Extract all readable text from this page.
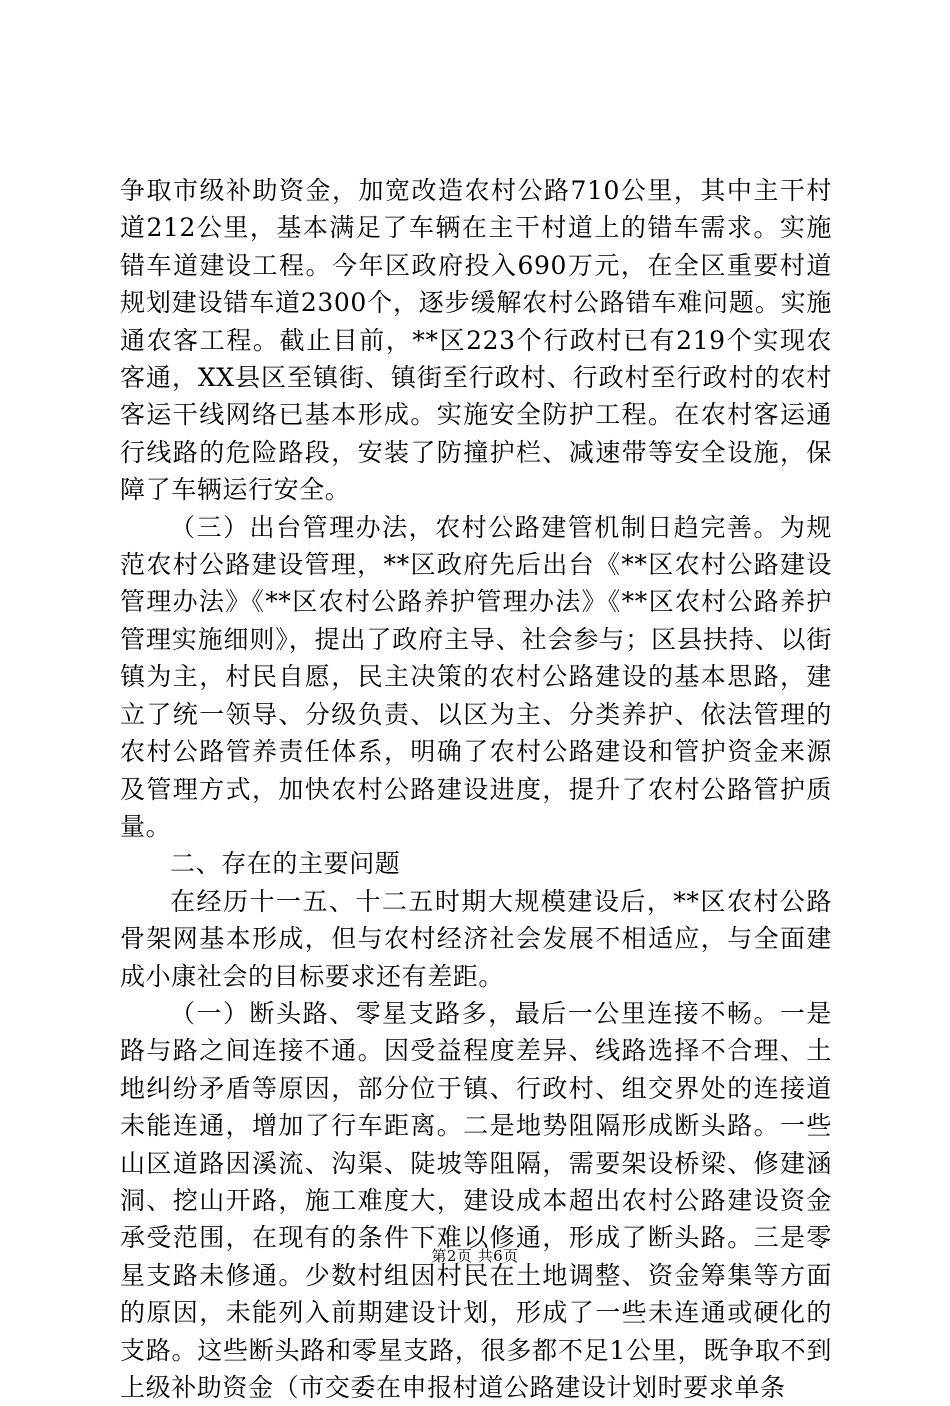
争取市级补助资金，加宽改造农村公路710公里，其中主干村道212公里，基本满足了车辆在主干村道上的错车需求。实施错车道建设工程。今年区政府投入690万元，在全区重要村道规划建设错车道2300个，逐步缓解农村公路错车难问题。实施通农客工程。截止目前，**区223个行政村已有219个实现农客通，XX县区至镇街、镇街至行政村、行政村至行政村的农村客运干线网络已基本形成。实施安全防护工程。在农村客运通行线路的危险路段，安装了防撞护栏、减速带等安全设施，保障了车辆运行安全。

（三）出台管理办法，农村公路建管机制日趋完善。为规范农村公路建设管理，**区政府先后出台《**区农村公路建设管理办法》《**区农村公路养护管理办法》《**区农村公路养护管理实施细则》，提出了政府主导、社会参与；区县扶持、以街镇为主，村民自愿，民主决策的农村公路建设的基本思路，建立了统一领导、分级负责、以区为主、分类养护、依法管理的农村公路管养责任体系，明确了农村公路建设和管护资金来源及管理方式，加快农村公路建设进度，提升了农村公路管护质量。

二、存在的主要问题

在经历十一五、十二五时期大规模建设后，**区农村公路骨架网基本形成，但与农村经济社会发展不相适应，与全面建成小康社会的目标要求还有差距。

（一）断头路、零星支路多，最后一公里连接不畅。一是路与路之间连接不通。因受益程度差异、线路选择不合理、土地纠纷矛盾等原因，部分位于镇、行政村、组交界处的连接道未能连通，增加了行车距离。二是地势阻隔形成断头路。一些山区道路因溪流、沟渠、陡坡等阻隔，需要架设桥梁、修建涵洞、挖山开路，施工难度大，建设成本超出农村公路建设资金承受范围，在现有的条件下难以修通，形成了断头路。三是零星支路未修通。少数村组因村民在土地调整、资金筹集等方面的原因，未能列入前期建设计划，形成了一些未连通或硬化的支路。这些断头路和零星支路，很多都不足1公里，既争取不到上级补助资金（市交委在申报村道公路建设计划时要求单条

第2页 共6页
